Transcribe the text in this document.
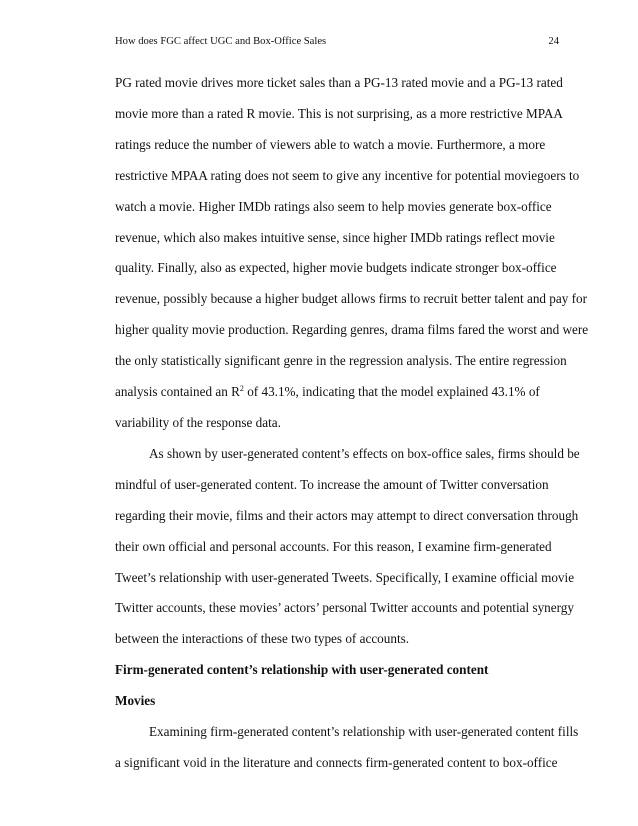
How does FGC affect UGC and Box-Office Sales	24

PG rated movie drives more ticket sales than a PG-13 rated movie and a PG-13 rated

movie more than a rated R movie. This is not surprising, as a more restrictive MPAA

ratings reduce the number of viewers able to watch a movie. Furthermore, a more

restrictive MPAA rating does not seem to give any incentive for potential moviegoers to

watch a movie. Higher IMDb ratings also seem to help movies generate box-office

revenue, which also makes intuitive sense, since higher IMDb ratings reflect movie

quality. Finally, also as expected, higher movie budgets indicate stronger box-office

revenue, possibly because a higher budget allows firms to recruit better talent and pay for

higher quality movie production. Regarding genres, drama films fared the worst and were

the only statistically significant genre in the regression analysis. The entire regression

analysis contained an $R^2$ of 43.1%, indicating that the model explained 43.1% of

variability of the response data.

As shown by user-generated content’s effects on box-office sales, firms should be

mindful of user-generated content. To increase the amount of Twitter conversation

regarding their movie, films and their actors may attempt to direct conversation through

their own official and personal accounts. For this reason, I examine firm-generated

Tweet’s relationship with user-generated Tweets. Specifically, I examine official movie

Twitter accounts, these movies’ actors’ personal Twitter accounts and potential synergy

between the interactions of these two types of accounts.

Firm-generated content’s relationship with user-generated content

Movies

Examining firm-generated content’s relationship with user-generated content fills

a significant void in the literature and connects firm-generated content to box-office
